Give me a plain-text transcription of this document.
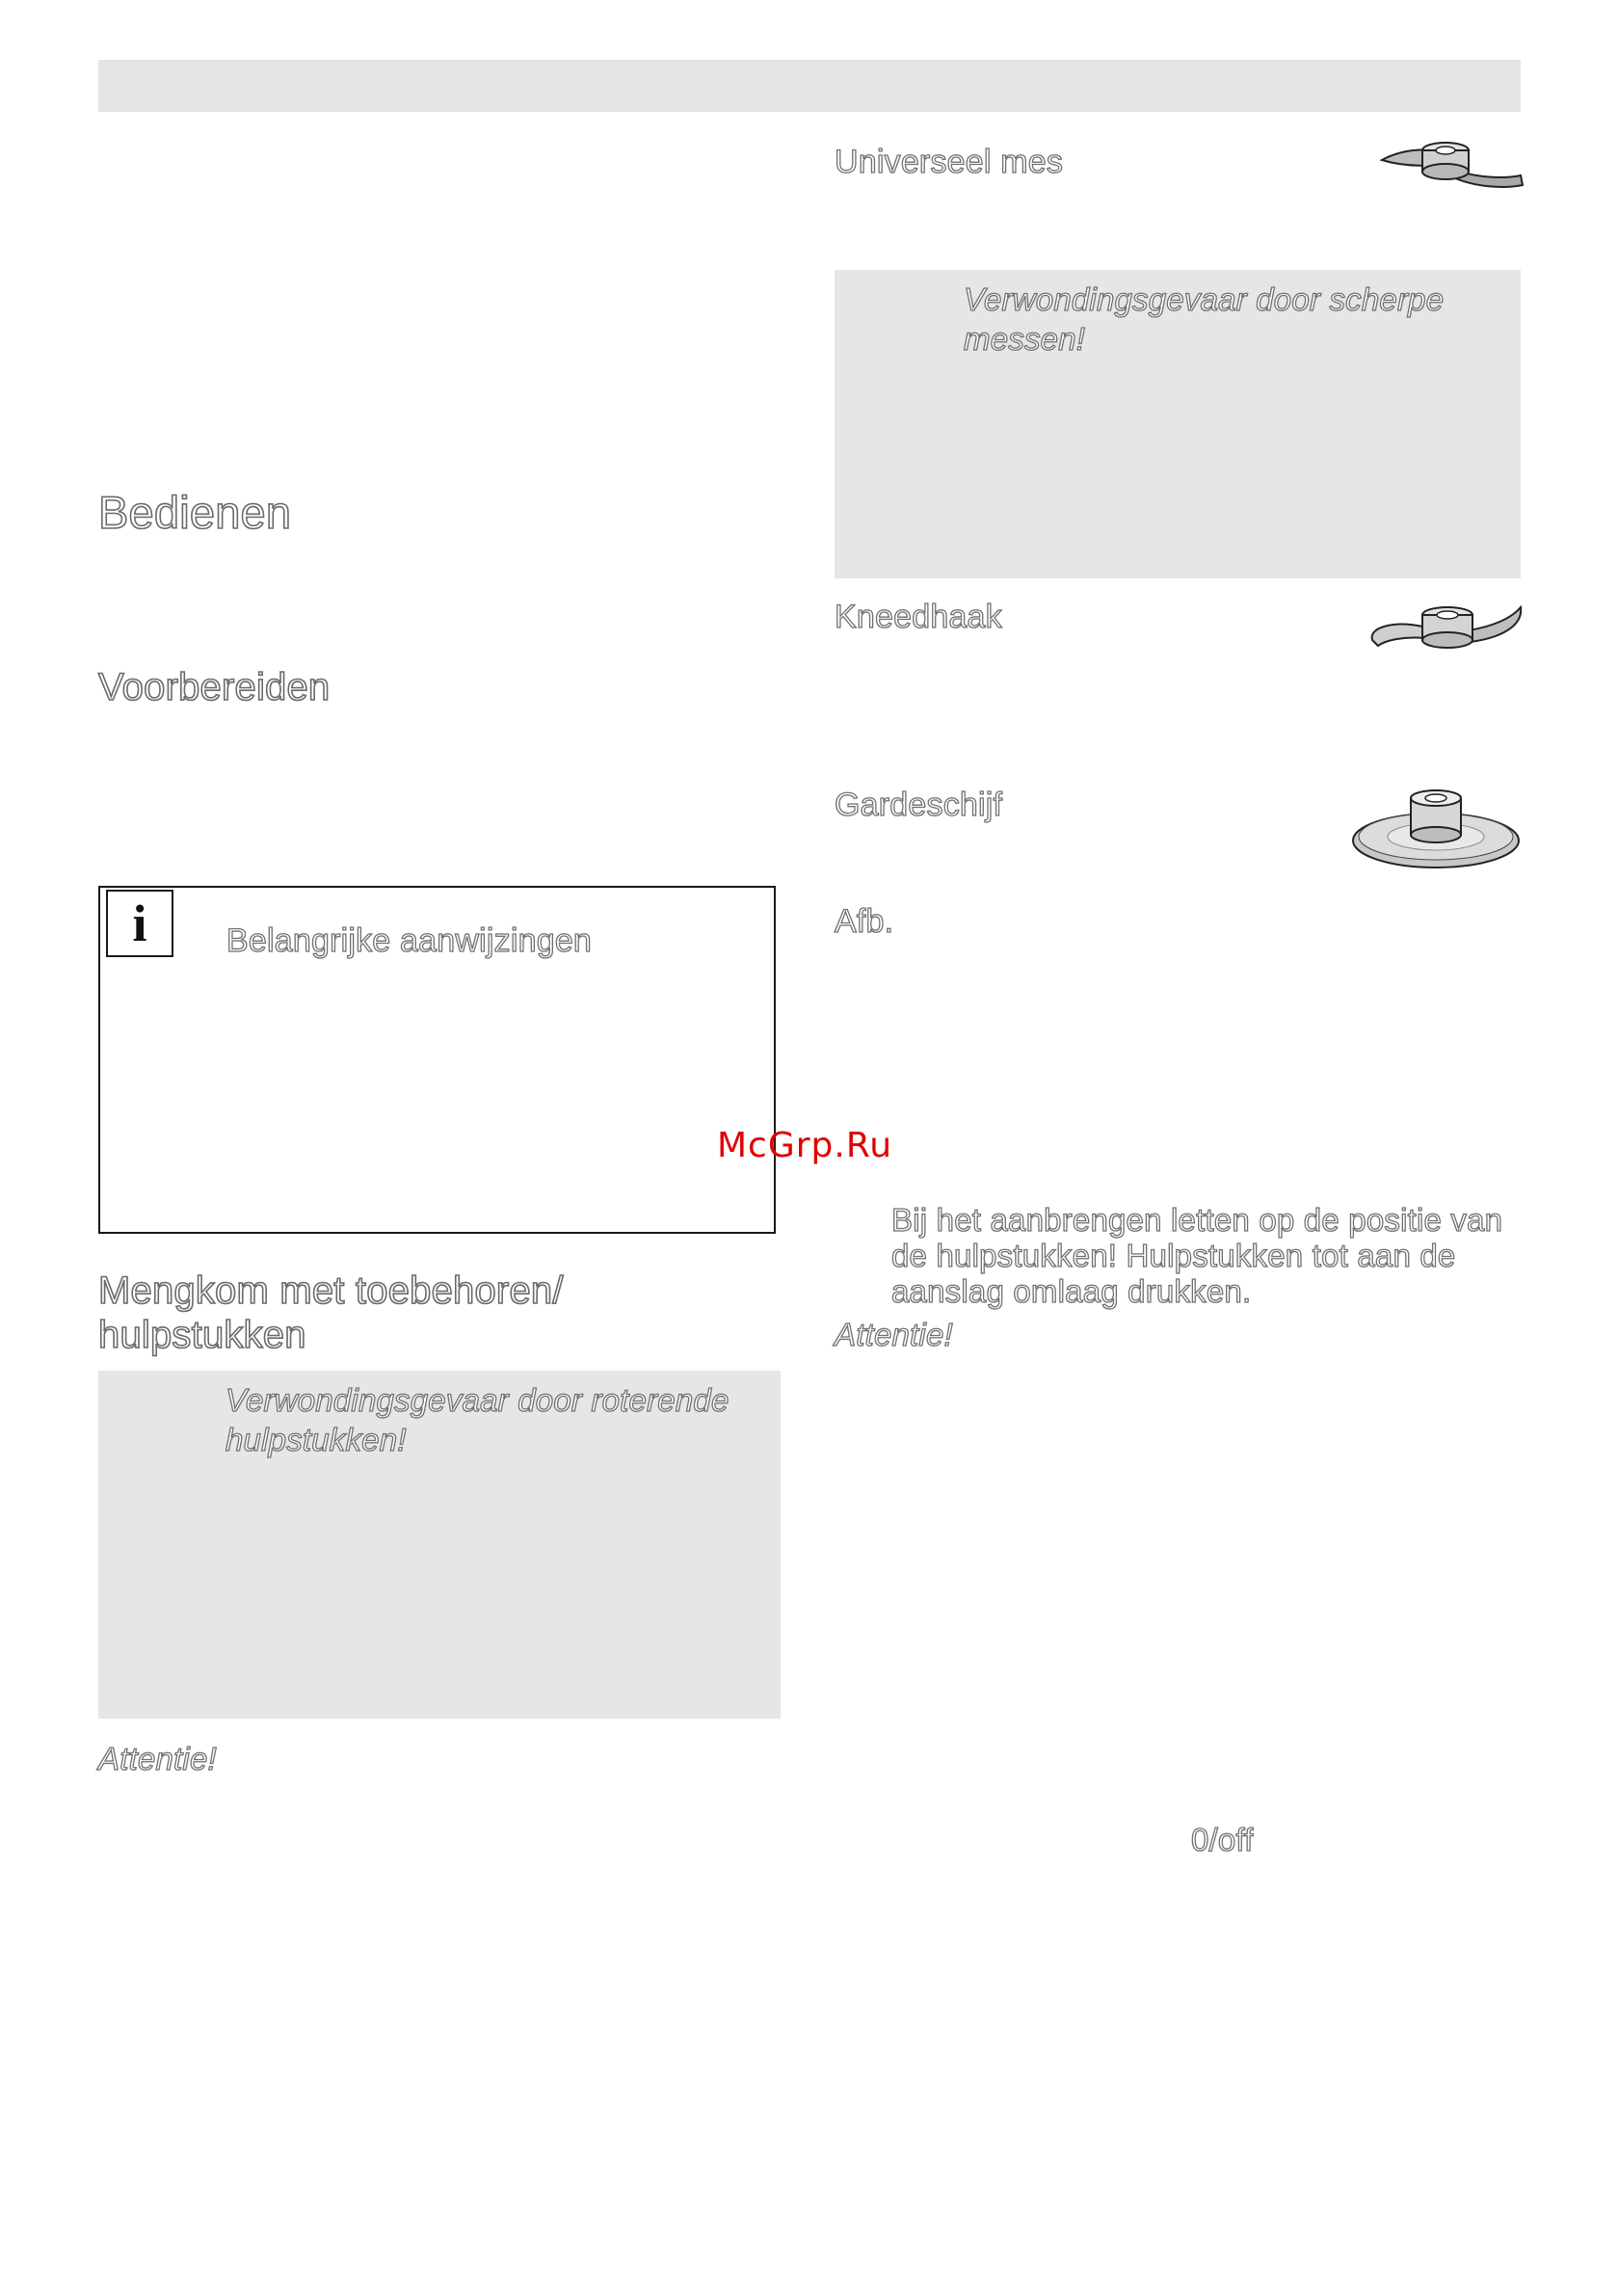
Bedienen
Voorbereiden
i Belangrijke aanwijzingen
Mengkom met toebehoren/
hulpstukken
Verwondingsgevaar door roterende
hulpstukken!
Attentie!
Universeel mes
Verwondingsgevaar door scherpe
messen!
Kneedhaak
Gardeschijf
Afb.
McGrp.Ru
Bij het aanbrengen letten op de positie van
de hulpstukken! Hulpstukken tot aan de
aanslag omlaag drukken.
Attentie!
0/off
